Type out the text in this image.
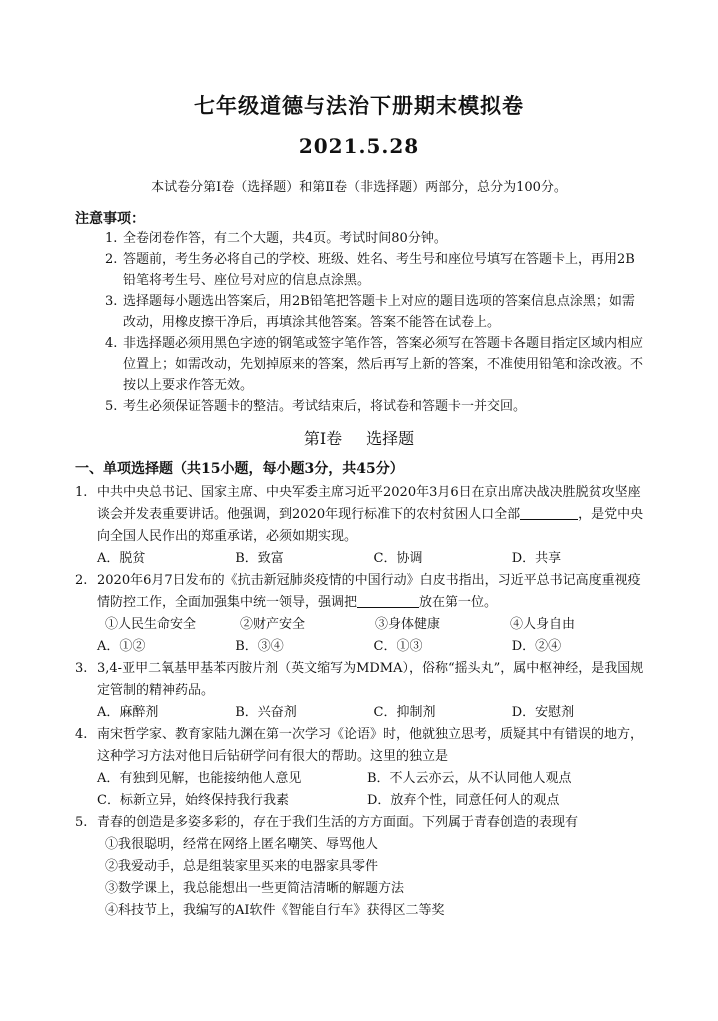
七年级道德与法治下册期末模拟卷
2021.5.28
本试卷分第Ⅰ卷（选择题）和第Ⅱ卷（非选择题）两部分，总分为100分。
注意事项：
1. 全卷闭卷作答，有二个大题，共4页。考试时间80分钟。
2. 答题前，考生务必将自己的学校、班级、姓名、考生号和座位号填写在答题卡上，再用2B铅笔将考生号、座位号对应的信息点涂黑。
3. 选择题每小题选出答案后，用2B铅笔把答题卡上对应的题目选项的答案信息点涂黑；如需改动，用橡皮擦干净后，再填涂其他答案。答案不能答在试卷上。
4. 非选择题必须用黑色字迹的钢笔或签字笔作答，答案必须写在答题卡各题目指定区域内相应位置上；如需改动，先划掉原来的答案，然后再写上新的答案，不准使用铅笔和涂改液。不按以上要求作答无效。
5. 考生必须保证答题卡的整洁。考试结束后，将试卷和答题卡一并交回。
第Ⅰ卷 选择题
一、单项选择题（共15小题，每小题3分，共45分）
1. 中共中央总书记、国家主席、中央军委主席习近平2020年3月6日在京出席决战决胜脱贫攻坚座谈会并发表重要讲话。他强调，到2020年现行标准下的农村贫困人口全部	，是党中央向全国人民作出的郑重承诺，必须如期实现。
A．脱贫	B．致富	C．协调	D．共享
2. 2020年6月7日发布的《抗击新冠肺炎疫情的中国行动》白皮书指出，习近平总书记高度重视疫情防控工作，全面加强集中统一领导，强调把	放在第一位。
①人民生命安全	②财产安全	③身体健康	④人身自由
A．①②	B．③④	C．①③	D．②④
3. 3,4-亚甲二氧基甲基苯丙胺片剂（英文缩写为MDMA），俗称“摇头丸”，属中枢神经，是我国规定管制的精神药品。
A．麻醉剂	B．兴奋剂	C．抑制剂	D．安慰剂
4. 南宋哲学家、教育家陆九渊在第一次学习《论语》时，他就独立思考，质疑其中有错误的地方，这种学习方法对他日后钻研学问有很大的帮助。这里的独立是
A．有独到见解，也能接纳他人意见	B．不人云亦云，从不认同他人观点
C．标新立异，始终保持我行我素	D．放弃个性，同意任何人的观点
5. 青春的创造是多姿多彩的，存在于我们生活的方方面面。下列属于青春创造的表现有
①我很聪明，经常在网络上匿名嘲笑、辱骂他人
②我爱动手，总是组装家里买来的电器家具零件
③数学课上，我总能想出一些更简洁清晰的解题方法
④科技节上，我编写的AI软件《智能自行车》获得区二等奖
